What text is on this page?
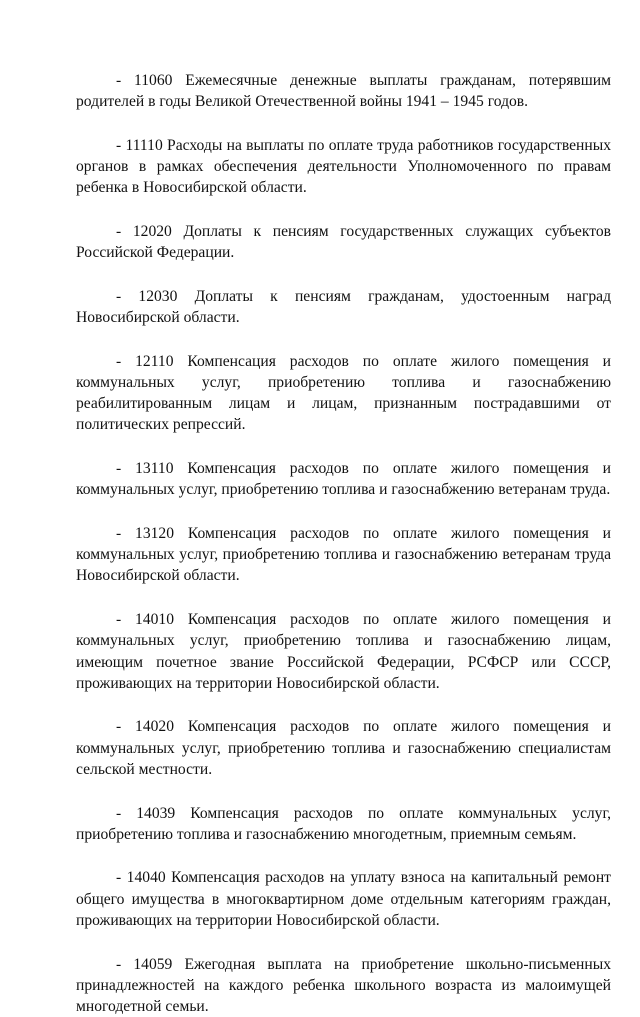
- 11060 Ежемесячные денежные выплаты гражданам, потерявшим родителей в годы Великой Отечественной войны 1941 – 1945 годов.

- 11110 Расходы на выплаты по оплате труда работников государственных органов в рамках обеспечения деятельности Уполномоченного по правам ребенка в Новосибирской области.

- 12020 Доплаты к пенсиям государственных служащих субъектов Российской Федерации.

- 12030 Доплаты к пенсиям гражданам, удостоенным наград Новосибирской области.

- 12110 Компенсация расходов по оплате жилого помещения и коммунальных услуг, приобретению топлива и газоснабжению реабилитированным лицам и лицам, признанным пострадавшими от политических репрессий.

- 13110 Компенсация расходов по оплате жилого помещения и коммунальных услуг, приобретению топлива и газоснабжению ветеранам труда.

- 13120 Компенсация расходов по оплате жилого помещения и коммунальных услуг, приобретению топлива и газоснабжению ветеранам труда Новосибирской области.

- 14010 Компенсация расходов по оплате жилого помещения и коммунальных услуг, приобретению топлива и газоснабжению лицам, имеющим почетное звание Российской Федерации, РСФСР или СССР, проживающих на территории Новосибирской области.

- 14020 Компенсация расходов по оплате жилого помещения и коммунальных услуг, приобретению топлива и газоснабжению специалистам сельской местности.

- 14039 Компенсация расходов по оплате коммунальных услуг, приобретению топлива и газоснабжению многодетным, приемным семьям.

- 14040 Компенсация расходов на уплату взноса на капитальный ремонт общего имущества в многоквартирном доме отдельным категориям граждан, проживающих на территории Новосибирской области.

- 14059 Ежегодная выплата на приобретение школьно-письменных принадлежностей на каждого ребенка школьного возраста из малоимущей многодетной семьи.
